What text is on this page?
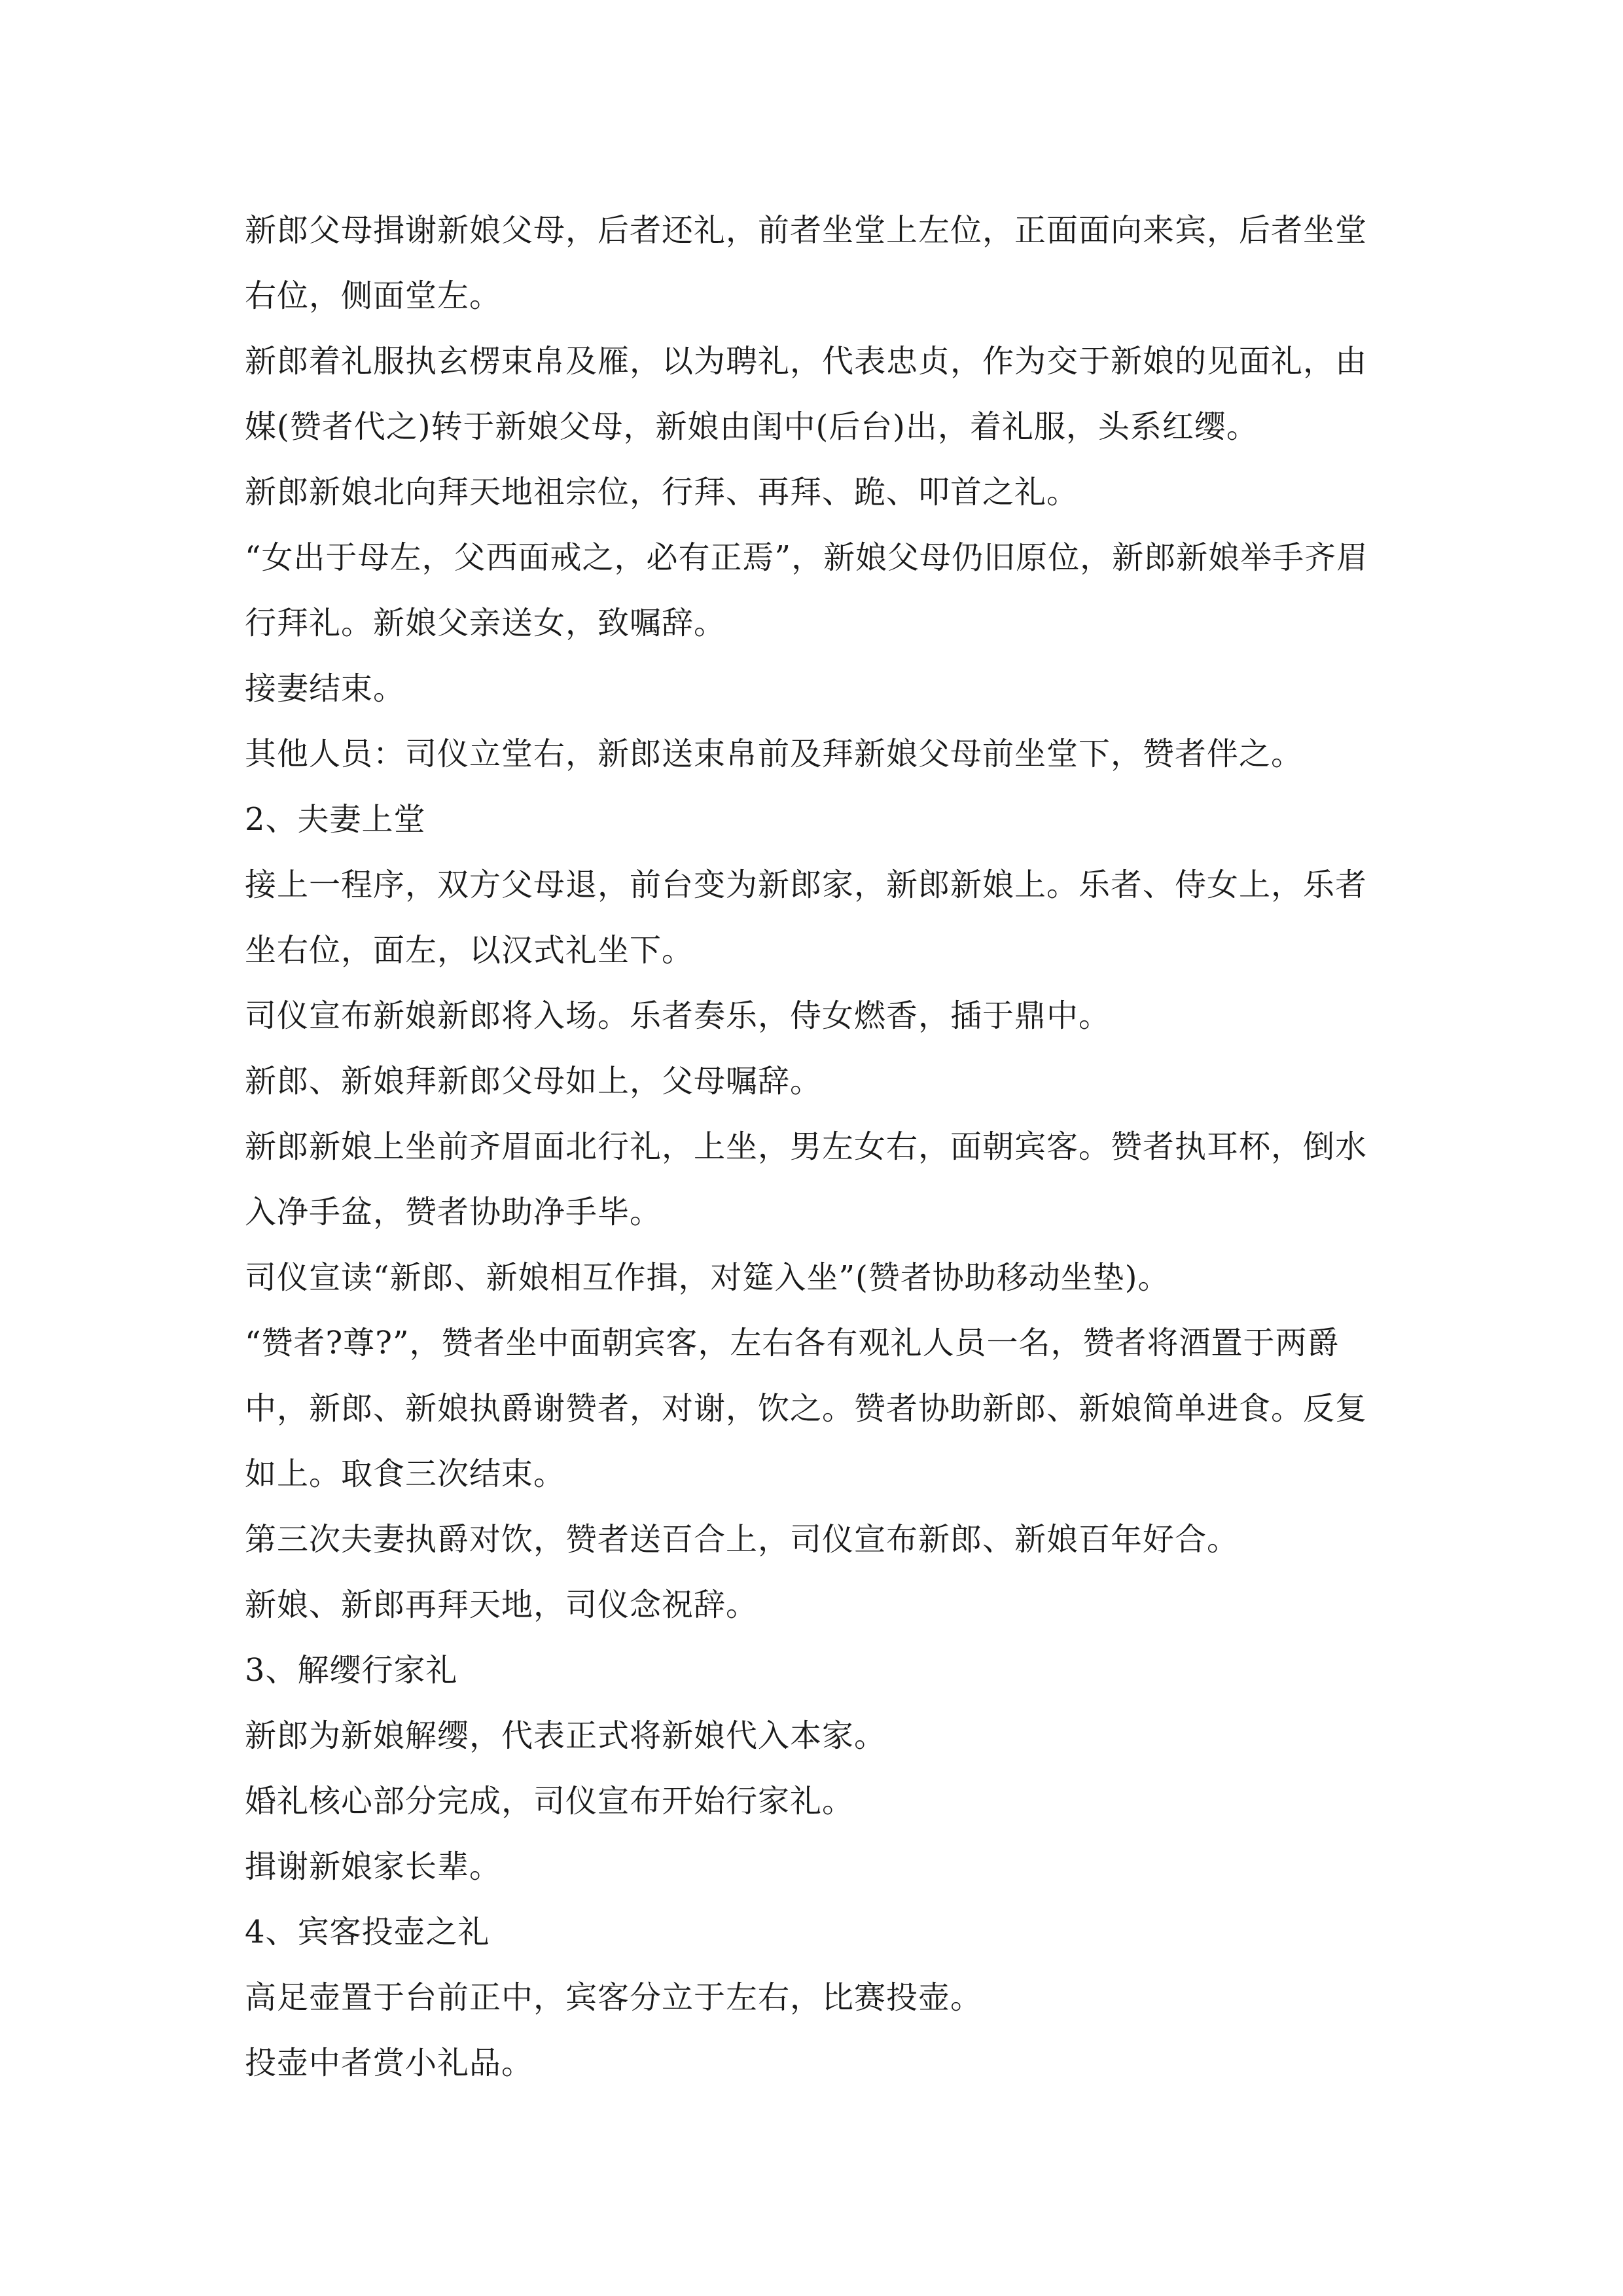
新郎父母揖谢新娘父母，后者还礼，前者坐堂上左位，正面面向来宾，后者坐堂右位，侧面堂左。

新郎着礼服执玄楞束帛及雁，以为聘礼，代表忠贞，作为交于新娘的见面礼，由媒(赞者代之)转于新娘父母，新娘由闺中(后台)出，着礼服，头系红缨。

新郎新娘北向拜天地祖宗位，行拜、再拜、跪、叩首之礼。

“女出于母左，父西面戒之，必有正焉”，新娘父母仍旧原位，新郎新娘举手齐眉行拜礼。新娘父亲送女，致嘱辞。

接妻结束。

其他人员：司仪立堂右，新郎送束帛前及拜新娘父母前坐堂下，赞者伴之。

2、夫妻上堂

接上一程序，双方父母退，前台变为新郎家，新郎新娘上。乐者、侍女上，乐者坐右位，面左，以汉式礼坐下。

司仪宣布新娘新郎将入场。乐者奏乐，侍女燃香，插于鼎中。

新郎、新娘拜新郎父母如上，父母嘱辞。

新郎新娘上坐前齐眉面北行礼，上坐，男左女右，面朝宾客。赞者执耳杯，倒水入净手盆，赞者协助净手毕。

司仪宣读“新郎、新娘相互作揖，对筵入坐”(赞者协助移动坐垫)。

“赞者?尊?”，赞者坐中面朝宾客，左右各有观礼人员一名，赞者将酒置于两爵中，新郎、新娘执爵谢赞者，对谢，饮之。赞者协助新郎、新娘简单进食。反复如上。取食三次结束。

第三次夫妻执爵对饮，赞者送百合上，司仪宣布新郎、新娘百年好合。

新娘、新郎再拜天地，司仪念祝辞。

3、解缨行家礼

新郎为新娘解缨，代表正式将新娘代入本家。

婚礼核心部分完成，司仪宣布开始行家礼。

揖谢新娘家长辈。

4、宾客投壶之礼

高足壶置于台前正中，宾客分立于左右，比赛投壶。

投壶中者赏小礼品。
